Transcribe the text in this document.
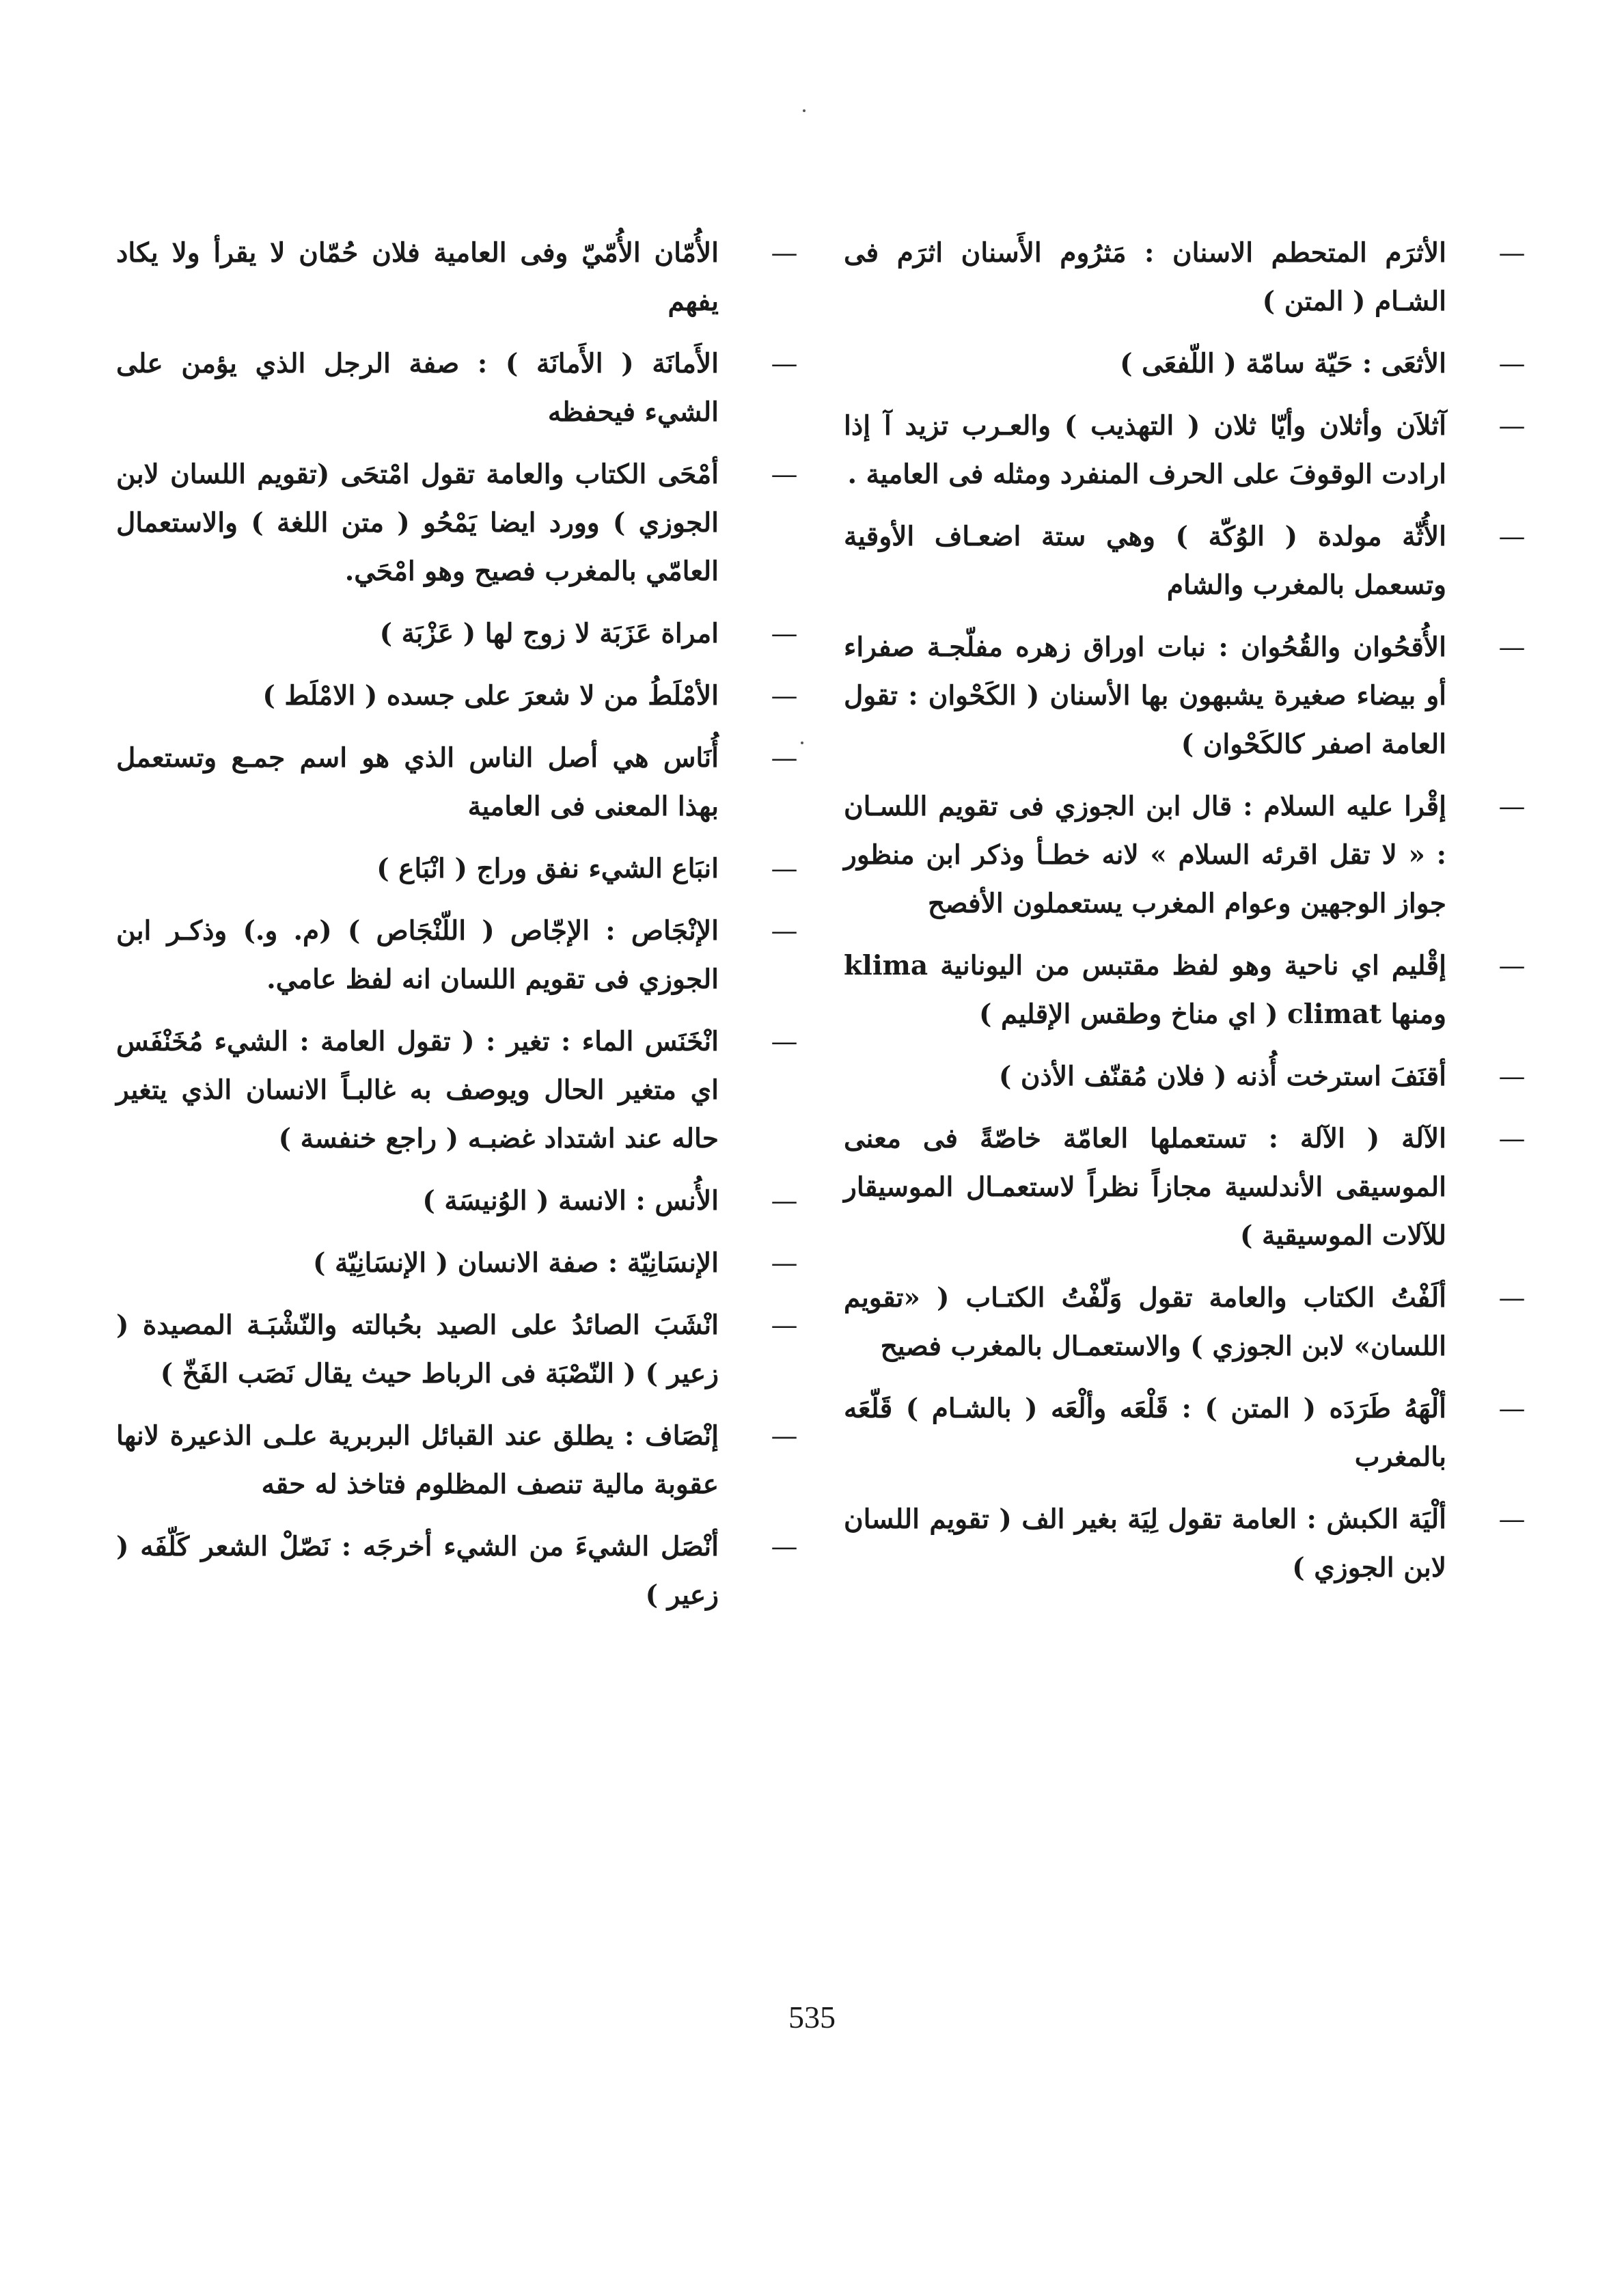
—
الأثرَم المتحطم الاسنان : مَثرُوم الأَسنان اثرَم فى الشـام ( المتن )
—
الأثعَى : حَيّة سامّة ( اللّفعَى )
—
آثلاَن وأثلان وأيّا ثلان ( التهذيب ) والعـرب تزيد آ إذا ارادت الوقوفَ على الحرف المنفرد ومثله فى العامية .
—
الأُثّة مولدة ( الوُكّة ) وهي ستة اضعـاف الأوقية وتسعمل بالمغرب والشام
—
الأُقحُوان والقُحُوان : نبات اوراق زهره مفلّجـة صفراء أو بيضاء صغيرة يشبهون بها الأسنان ( الكَحْوان : تقول العامة اصفر كالكَحْوان )
—
إقْرا عليه السلام : قال ابن الجوزي فى تقويم اللسـان : « لا تقل اقرئه السلام » لانه خطـأ وذكر ابن منظور جواز الوجهين وعوام المغرب يستعملون الأفصح
—
إقْليم اي ناحية وهو لفظ مقتبس من اليونانية klima ومنها climat ( اي مناخ وطقس الإقليم )
—
أقنَفَ استرخت أُذنه ( فلان مُقنّف الأذن )
—
الآلة ( الآلة : تستعملها العامّة خاصّةً فى معنى الموسيقى الأندلسية مجازاً نظراً لاستعمـال الموسيقار للآلات الموسيقية )
—
ألَفْتُ الكتاب والعامة تقول وَلّفْتُ الكتـاب ( «تقويم اللسان» لابن الجوزي ) والاستعمـال بالمغرب فصيح
—
ألْهَهُ طَرَدَه ( المتن ) : قَلْعَه وألْعَه ( بالشـام ) قَلّعَه بالمغرب
—
ألْيَة الكبش : العامة تقول لِيَة بغير الف ( تقويم اللسان لابن الجوزي )
—
الأُمّان الأُمّيّ وفى العامية فلان حُمّان لا يقرأ ولا يكاد يفهم
—
الأَمانَة ( الأَمانَة ) : صفة الرجل الذي يؤمن على الشيء فيحفظه
—
أمْحَى الكتاب والعامة تقول امْتحَى (تقويم اللسان لابن الجوزي ) وورد ايضا يَمْحُو ( متن اللغة ) والاستعمال العامّي بالمغرب فصيح وهو امْحَي.
—
امراة عَزَبَة لا زوج لها ( عَزْبَة )
—
الأمْلَطُ من لا شعرَ على جسده ( الامْلَط )
—
أُنَاس هي أصل الناس الذي هو اسم جمـع وتستعمل بهذا المعنى فى العامية
—
انبَاع الشيء نفق وراج ( انْبَاع )
—
الإنْجَاص : الإجّاص ( اللّنْجَاص ) (م. و.) وذكـر ابن الجوزي فى تقويم اللسان انه لفظ عامي.
—
انْخَنَس الماء : تغير : ( تقول العامة : الشيء مُخَنْفَس اي متغير الحال ويوصف به غالبـاً الانسان الذي يتغير حاله عند اشتداد غضبـه ( راجع خنفسة )
—
الأُنس : الانسة ( الوُنيسَة )
—
الإنسَانِيّة : صفة الانسان ( الإنسَانِيّة )
—
انْشَبَ الصائدُ على الصيد بحُبالته والنّشْبَـة المصيدة ( زعير ) ( النّصْبَة فى الرباط حيث يقال نَصَب الفَخّ )
—
إنْصَاف : يطلق عند القبائل البربرية علـى الذعيرة لانها عقوبة مالية تنصف المظلوم فتاخذ له حقه
—
أنْصَل الشيءَ من الشيء أخرجَه : نَصّلْ الشعر كَلّفَه ( زعير )
535
